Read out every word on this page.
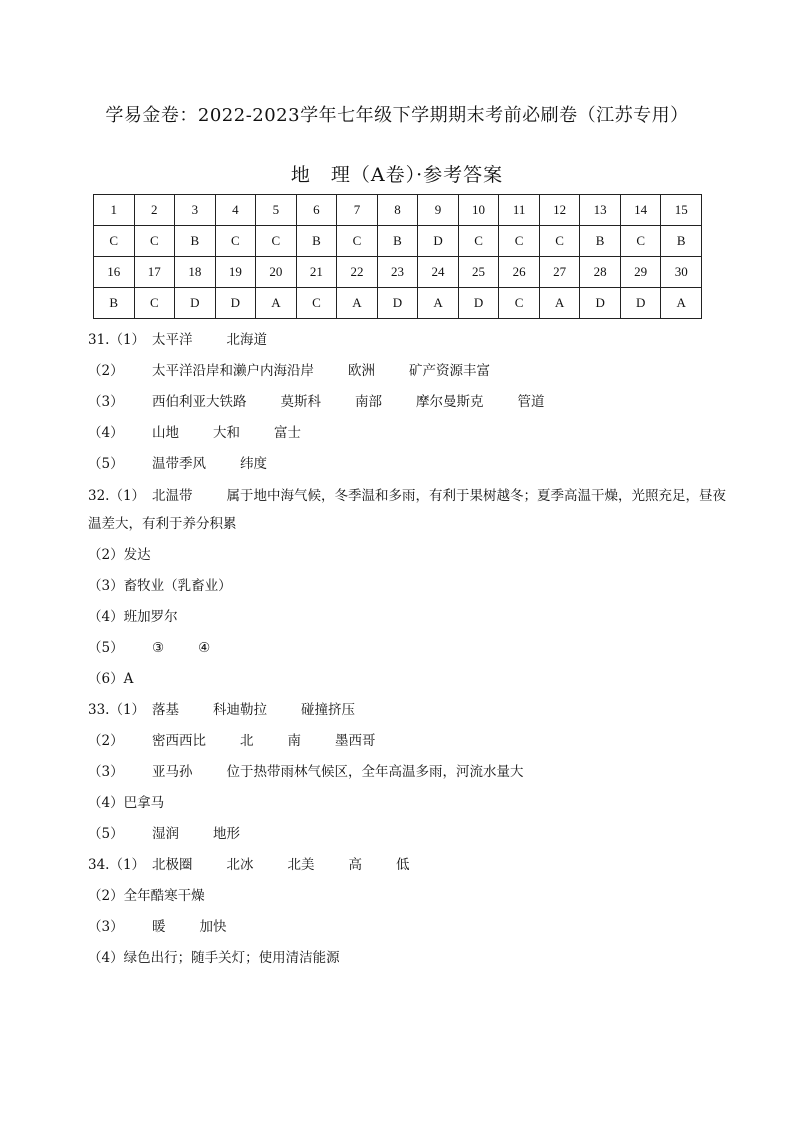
学易金卷：2022-2023学年七年级下学期期末考前必刷卷（江苏专用）
地　理（A卷）·参考答案
1	2	3	4	5	6	7	8	9	10	11	12	13	14	15
C	C	B	C	C	B	C	B	D	C	C	C	B	C	B
16	17	18	19	20	21	22	23	24	25	26	27	28	29	30
B	C	D	D	A	C	A	D	A	D	C	A	D	D	A
31.（1） 太平洋	北海道
（2） 太平洋沿岸和濑户内海沿岸	欧洲	矿产资源丰富
（3） 西伯利亚大铁路	莫斯科	南部	摩尔曼斯克	管道
（4） 山地	大和	富士
（5） 温带季风	纬度
32.（1） 北温带	属于地中海气候，冬季温和多雨，有利于果树越冬；夏季高温干燥，光照充足，昼夜温差大，有利于养分积累
（2）发达
（3）畜牧业（乳畜业）
（4）班加罗尔
（5） ③	④
（6）A
33.（1） 落基	科迪勒拉	碰撞挤压
（2） 密西西比	北	南	墨西哥
（3） 亚马孙	位于热带雨林气候区，全年高温多雨，河流水量大
（4）巴拿马
（5） 湿润	地形
34.（1） 北极圈	北冰	北美	高	低
（2）全年酷寒干燥
（3） 暖	加快
（4）绿色出行；随手关灯；使用清洁能源
